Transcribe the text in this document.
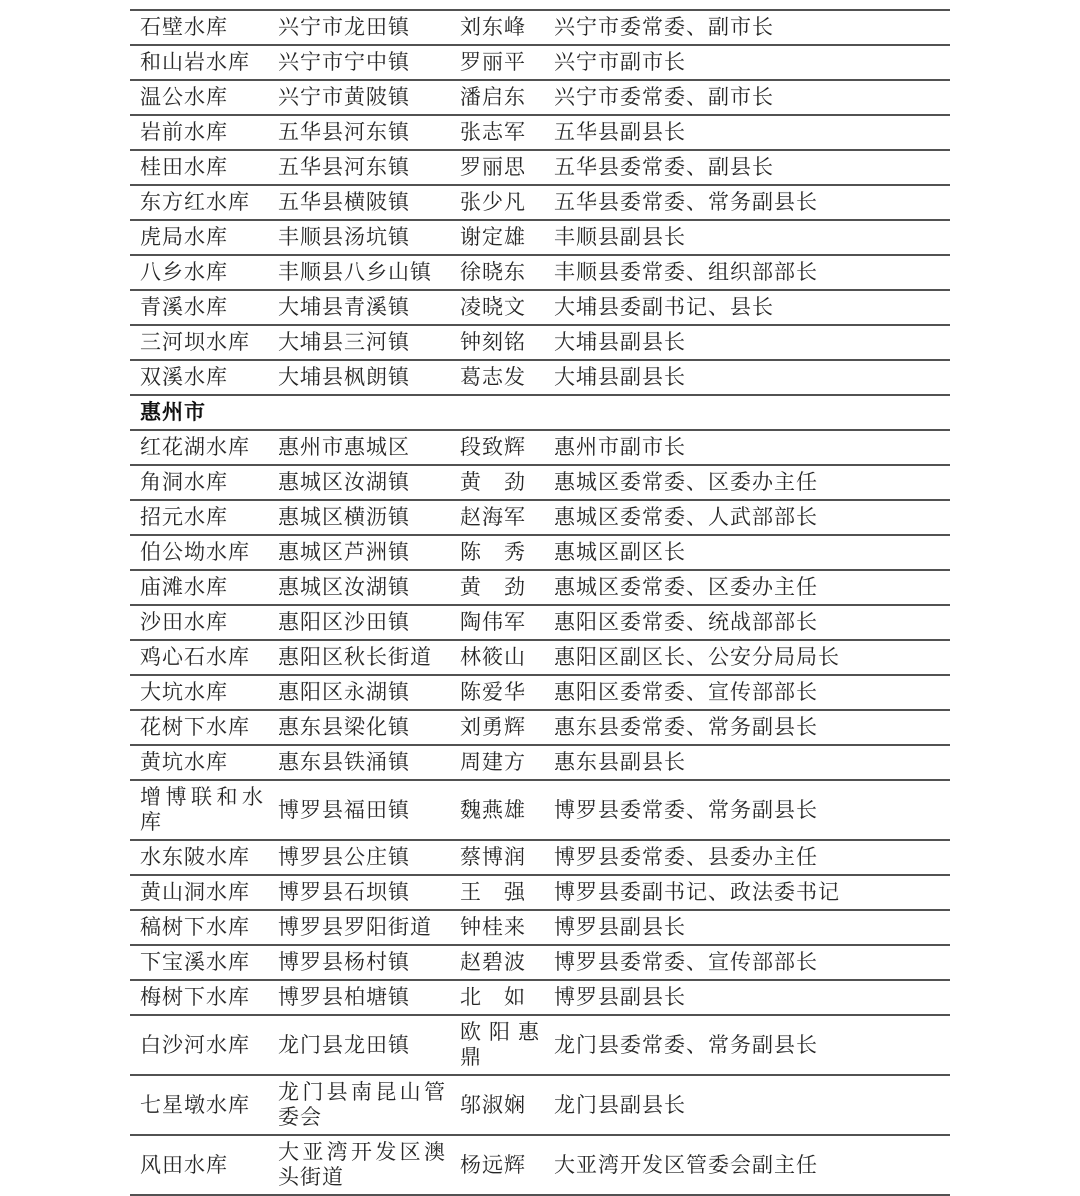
石壁水库	兴宁市龙田镇	刘东峰	兴宁市委常委、副市长
和山岩水库	兴宁市宁中镇	罗丽平	兴宁市副市长
温公水库	兴宁市黄陂镇	潘启东	兴宁市委常委、副市长
岩前水库	五华县河东镇	张志军	五华县副县长
桂田水库	五华县河东镇	罗丽思	五华县委常委、副县长
东方红水库	五华县横陂镇	张少凡	五华县委常委、常务副县长
虎局水库	丰顺县汤坑镇	谢定雄	丰顺县副县长
八乡水库	丰顺县八乡山镇	徐晓东	丰顺县委常委、组织部部长
青溪水库	大埔县青溪镇	凌晓文	大埔县委副书记、县长
三河坝水库	大埔县三河镇	钟刻铭	大埔县副县长
双溪水库	大埔县枫朗镇	葛志发	大埔县副县长
惠州市			
红花湖水库	惠州市惠城区	段致辉	惠州市副市长
角洞水库	惠城区汝湖镇	黄　劲	惠城区委常委、区委办主任
招元水库	惠城区横沥镇	赵海军	惠城区委常委、人武部部长
伯公坳水库	惠城区芦洲镇	陈　秀	惠城区副区长
庙滩水库	惠城区汝湖镇	黄　劲	惠城区委常委、区委办主任
沙田水库	惠阳区沙田镇	陶伟军	惠阳区委常委、统战部部长
鸡心石水库	惠阳区秋长街道	林筱山	惠阳区副区长、公安分局局长
大坑水库	惠阳区永湖镇	陈爱华	惠阳区委常委、宣传部部长
花树下水库	惠东县梁化镇	刘勇辉	惠东县委常委、常务副县长
黄坑水库	惠东县铁涌镇	周建方	惠东县副县长
增博联和水库	博罗县福田镇	魏燕雄	博罗县委常委、常务副县长
水东陂水库	博罗县公庄镇	蔡博润	博罗县委常委、县委办主任
黄山洞水库	博罗县石坝镇	王　强	博罗县委副书记、政法委书记
稿树下水库	博罗县罗阳街道	钟桂来	博罗县副县长
下宝溪水库	博罗县杨村镇	赵碧波	博罗县委常委、宣传部部长
梅树下水库	博罗县柏塘镇	北　如	博罗县副县长
白沙河水库	龙门县龙田镇	欧阳惠鼎	龙门县委常委、常务副县长
七星墩水库	龙门县南昆山管委会	邬淑娴	龙门县副县长
风田水库	大亚湾开发区澳头街道	杨远辉	大亚湾开发区管委会副主任
